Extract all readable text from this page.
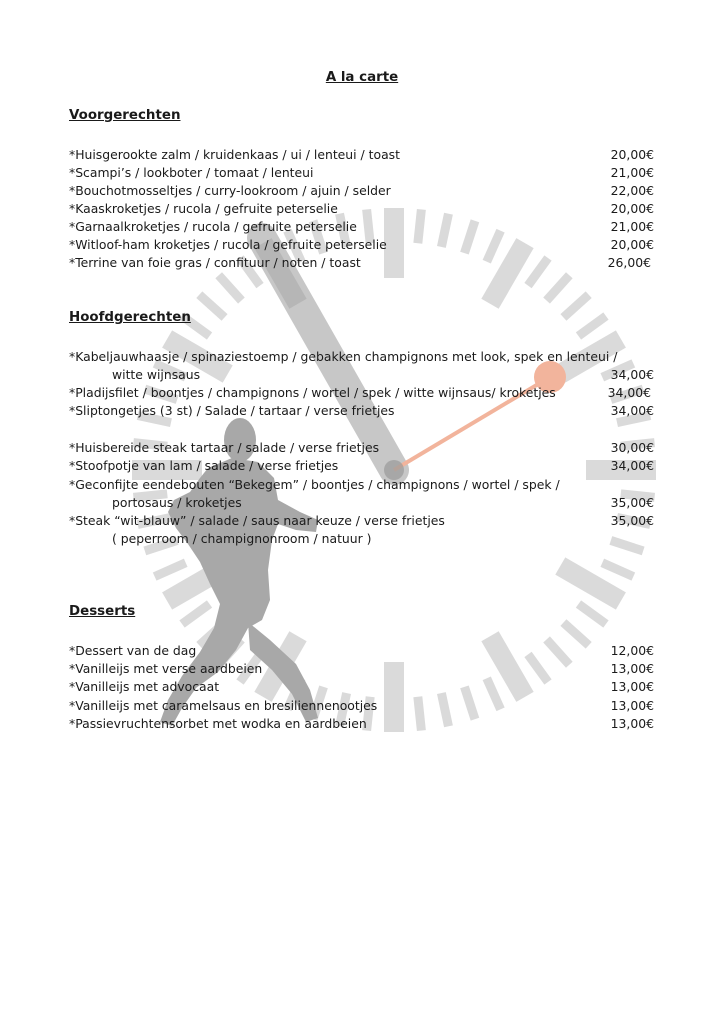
A la carte
Voorgerechten
*Huisgerookte zalm / kruidenkaas / ui / lenteui / toast	20,00€
*Scampi’s / lookboter / tomaat / lenteui	21,00€
*Bouchotmosseltjes / curry-lookroom / ajuin / selder	22,00€
*Kaaskroketjes / rucola / gefruite peterselie	20,00€
*Garnaalkroketjes / rucola / gefruite peterselie	21,00€
*Witloof-ham kroketjes / rucola / gefruite peterselie	20,00€
*Terrine van foie gras / confituur / noten / toast	26,00€
Hoofdgerechten
*Kabeljauwhaasje / spinaziestoemp / gebakken champignons met look, spek en lenteui /
witte wijnsaus	34,00€
*Pladijsfilet / boontjes / champignons / wortel / spek / witte wijnsaus/ kroketjes	34,00€
*Sliptongetjes (3 st) / Salade / tartaar / verse frietjes	34,00€
*Huisbereide steak tartaar / salade / verse frietjes	30,00€
*Stoofpotje van lam / salade / verse frietjes	34,00€
*Geconfijte eendebouten “Bekegem” / boontjes / champignons / wortel / spek /
portosaus / kroketjes	35,00€
*Steak “wit-blauw” / salade / saus naar keuze / verse frietjes	35,00€
( peperroom / champignonroom / natuur )
Desserts
*Dessert van de dag	12,00€
*Vanilleijs met verse aardbeien	13,00€
*Vanilleijs met advocaat	13,00€
*Vanilleijs met caramelsaus en bresiliennenootjes	13,00€
*Passievruchtensorbet met wodka en aardbeien	13,00€
